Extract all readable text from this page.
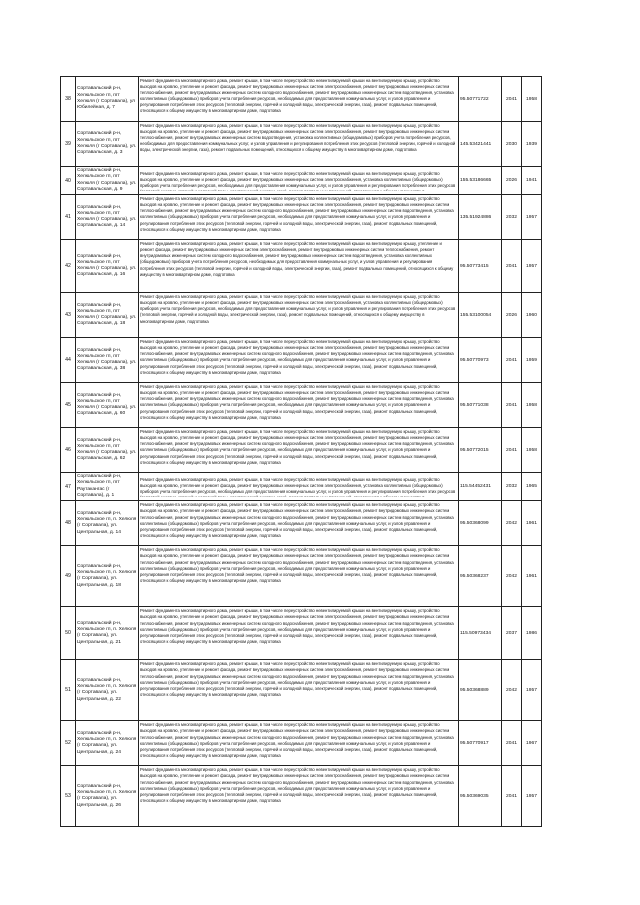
38	Сортавальский р-н, Хелюльское гп, пгт Хелюля (г Сортавала), ул Юбилейная, д. 7	Ремонт фундамента многоквартирного дома, ремонт крыши, в том числе переустройство невентилируемой крыши на вентилируемую крышу, устройство выходов на кровлю, утепление и ремонт фасада, ремонт внутридомовых инженерных систем электроснабжения, ремонт внутридомовых инженерных систем теплоснабжения, ремонт внутридомовых инженерных систем холодного водоснабжения, ремонт внутридомовых инженерных систем водоотведения, установка коллективных (общедомовых) приборов учета потребления ресурсов, необходимых для предоставления коммунальных услуг, и узлов управления и регулирования потребления этих ресурсов (тепловой энергии, горячей и холодной воды, электрической энергии, газа), ремонт подвальных помещений, относящихся к общему имуществу в многоквартирном доме, подготовка	95.50771722	2041	1958
39	Сортавальский р-н, Хелюльское гп, пгт Хелюля (г Сортавала), ул. Сортавальская, д. 3	Ремонт фундамента многоквартирного дома, ремонт крыши, в том числе переустройство невентилируемой крыши на вентилируемую крышу, устройство выходов на кровлю, утепление и ремонт фасада, ремонт внутридомовых инженерных систем электроснабжения, ремонт внутридомовых инженерных систем теплоснабжения, ремонт внутридомовых инженерных систем водоотведения, установка коллективных (общедомовых) приборов учета потребления ресурсов, необходимых для предоставления коммунальных услуг, и узлов управления и регулирования потребления этих ресурсов (тепловой энергии, горячей и холодной воды, электрической энергии, газа), ремонт подвальных помещений, относящихся к общему имуществу в многоквартирном доме, подготовка	145.53421441	2030	1939
40	Сортавальский р-н, Хелюльское гп, пгт Хелюля (г Сортавала), ул. Сортавальская, д. 9	Ремонт фундамента многоквартирного дома, ремонт крыши, в том числе переустройство невентилируемой крыши на вентилируемую крышу, устройство выходов на кровлю, утепление и ремонт фасада, ремонт внутридомовых инженерных систем электроснабжения, установка коллективных (общедомовых) приборов учета потребления ресурсов, необходимых для предоставления коммунальных услуг, и узлов управления и регулирования потребления этих ресурсов	155.53186665	2026	1941
41	Сортавальский р-н, Хелюльское гп, пгт Хелюля (г Сортавала), ул. Сортавальская, д. 14	Ремонт фундамента многоквартирного дома, ремонт крыши, в том числе переустройство невентилируемой крыши на вентилируемую крышу, устройство выходов на кровлю, утепление и ремонт фасада, ремонт внутридомовых инженерных систем электроснабжения, ремонт внутридомовых инженерных систем теплоснабжения, ремонт внутридомовых инженерных систем холодного водоснабжения, ремонт внутридомовых инженерных систем водоотведения, установка коллективных (общедомовых) приборов учета потребления ресурсов, необходимых для предоставления коммунальных услуг, и узлов управления и регулирования потребления этих ресурсов (тепловой энергии, горячей и холодной воды, электрической энергии, газа), ремонт подвальных помещений, относящихся к общему имуществу в многоквартирном доме, подготовка	135.51924886	2032	1957
42	Сортавальский р-н, Хелюльское гп, пгт Хелюля (г Сортавала), ул. Сортавальская, д. 16	Ремонт фундамента многоквартирного дома, ремонт крыши, в том числе переустройство невентилируемой крыши на вентилируемую крышу, утепление и ремонт фасада, ремонт внутридомовых инженерных систем электроснабжения, ремонт внутридомовых инженерных систем теплоснабжения, ремонт внутридомовых инженерных систем холодного водоснабжения, ремонт внутридомовых инженерных систем водоотведения, установка коллективных (общедомовых) приборов учета потребления ресурсов, необходимых для предоставления коммунальных услуг, и узлов управления и регулирования потребления этих ресурсов (тепловой энергии, горячей и холодной воды, электрической энергии, газа), ремонт подвальных помещений, относящихся к общему имуществу в многоквартирном доме, подготовка	95.50773415	2041	1957
43	Сортавальский р-н, Хелюльское гп, пгт Хелюля (г Сортавала), ул. Сортавальская, д. 18	Ремонт фундамента многоквартирного дома, ремонт крыши, в том числе переустройство невентилируемой крыши на вентилируемую крышу, устройство выходов на кровлю, утепление и ремонт фасада, ремонт внутридомовых инженерных систем электроснабжения, установка коллективных (общедомовых) приборов учета потребления ресурсов, необходимых для предоставления коммунальных услуг, и узлов управления и регулирования потребления этих ресурсов (тепловой энергии, горячей и холодной воды, электрической энергии, газа), ремонт подвальных помещений, относящихся к общему имуществу в многоквартирном доме, подготовка	155.53100054	2026	1960
44	Сортавальский р-н, Хелюльское гп, пгт Хелюля (г Сортавала), ул. Сортавальская, д. 38	Ремонт фундамента многоквартирного дома, ремонт крыши, в том числе переустройство невентилируемой крыши на вентилируемую крышу, устройство выходов на кровлю, утепление и ремонт фасада, ремонт внутридомовых инженерных систем электроснабжения, ремонт внутридомовых инженерных систем теплоснабжения, ремонт внутридомовых инженерных систем холодного водоснабжения, ремонт внутридомовых инженерных систем водоотведения, установка коллективных (общедомовых) приборов учета потребления ресурсов, необходимых для предоставления коммунальных услуг, и узлов управления и регулирования потребления этих ресурсов (тепловой энергии, горячей и холодной воды, электрической энергии, газа), ремонт подвальных помещений, относящихся к общему имуществу в многоквартирном доме, подготовка	95.50770973	2041	1959
45	Сортавальский р-н, Хелюльское гп, пгт Хелюля (г Сортавала), ул. Сортавальская, д. 60	Ремонт фундамента многоквартирного дома, ремонт крыши, в том числе переустройство невентилируемой крыши на вентилируемую крышу, устройство выходов на кровлю, утепление и ремонт фасада, ремонт внутридомовых инженерных систем электроснабжения, ремонт внутридомовых инженерных систем теплоснабжения, ремонт внутридомовых инженерных систем холодного водоснабжения, ремонт внутридомовых инженерных систем водоотведения, установка коллективных (общедомовых) приборов учета потребления ресурсов, необходимых для предоставления коммунальных услуг, и узлов управления и регулирования потребления этих ресурсов (тепловой энергии, горячей и холодной воды, электрической энергии, газа), ремонт подвальных помещений, относящихся к общему имуществу в многоквартирном доме, подготовка	95.50771038	2041	1958
46	Сортавальский р-н, Хелюльское гп, пгт Хелюля (г Сортавала), ул. Сортавальская, д. 62	Ремонт фундамента многоквартирного дома, ремонт крыши, в том числе переустройство невентилируемой крыши на вентилируемую крышу, устройство выходов на кровлю, утепление и ремонт фасада, ремонт внутридомовых инженерных систем электроснабжения, ремонт внутридомовых инженерных систем теплоснабжения, ремонт внутридомовых инженерных систем холодного водоснабжения, ремонт внутридомовых инженерных систем водоотведения, установка коллективных (общедомовых) приборов учета потребления ресурсов, необходимых для предоставления коммунальных услуг, и узлов управления и регулирования потребления этих ресурсов (тепловой энергии, горячей и холодной воды, электрической энергии, газа), ремонт подвальных помещений, относящихся к общему имуществу в многоквартирном доме, подготовка	95.50772015	2041	1958
47	Сортавальский р-н, Хелюльское гп, пгт Раутакангас (г Сортавала), д. 1	Ремонт фундамента многоквартирного дома, ремонт крыши, в том числе переустройство невентилируемой крыши на вентилируемую крышу, устройство выходов на кровлю, утепление и ремонт фасада, ремонт внутридомовых инженерных систем электроснабжения, установка коллективных (общедомовых) приборов учета потребления ресурсов, необходимых для предоставления коммунальных услуг, и узлов управления и регулирования потребления этих ресурсов	115.54452431	2032	1965
48	Сортавальский р-н, Хелюльское гп, п. Хелюля (г Сортавала), ул. Центральная, д. 14	Ремонт фундамента многоквартирного дома, ремонт крыши, в том числе переустройство невентилируемой крыши на вентилируемую крышу, устройство выходов на кровлю, утепление и ремонт фасада, ремонт внутридомовых инженерных систем электроснабжения, ремонт внутридомовых инженерных систем теплоснабжения, ремонт внутридомовых инженерных систем холодного водоснабжения, ремонт внутридомовых инженерных систем водоотведения, установка коллективных (общедомовых) приборов учета потребления ресурсов, необходимых для предоставления коммунальных услуг, и узлов управления и регулирования потребления этих ресурсов (тепловой энергии, горячей и холодной воды, электрической энергии, газа), ремонт подвальных помещений, относящихся к общему имуществу в многоквартирном доме, подготовка	95.50368099	2042	1961
49	Сортавальский р-н, Хелюльское гп, п. Хелюля (г Сортавала), ул. Центральная, д. 18	Ремонт фундамента многоквартирного дома, ремонт крыши, в том числе переустройство невентилируемой крыши на вентилируемую крышу, устройство выходов на кровлю, утепление и ремонт фасада, ремонт внутридомовых инженерных систем электроснабжения, ремонт внутридомовых инженерных систем теплоснабжения, ремонт внутридомовых инженерных систем холодного водоснабжения, ремонт внутридомовых инженерных систем водоотведения, установка коллективных (общедомовых) приборов учета потребления ресурсов, необходимых для предоставления коммунальных услуг, и узлов управления и регулирования потребления этих ресурсов (тепловой энергии, горячей и холодной воды, электрической энергии, газа), ремонт подвальных помещений, относящихся к общему имуществу в многоквартирном доме, подготовка	95.50368237	2042	1961
50	Сортавальский р-н, Хелюльское гп, п. Хелюля (г Сортавала), ул. Центральная, д. 21	Ремонт фундамента многоквартирного дома, ремонт крыши, в том числе переустройство невентилируемой крыши на вентилируемую крышу, устройство выходов на кровлю, утепление и ремонт фасада, ремонт внутридомовых инженерных систем электроснабжения, ремонт внутридомовых инженерных систем теплоснабжения, ремонт внутридомовых инженерных систем холодного водоснабжения, ремонт внутридомовых инженерных систем водоотведения, установка коллективных (общедомовых) приборов учета потребления ресурсов, необходимых для предоставления коммунальных услуг, и узлов управления и регулирования потребления этих ресурсов (тепловой энергии, горячей и холодной воды, электрической энергии, газа), ремонт подвальных помещений, относящихся к общему имуществу в многоквартирном доме, подготовка	115.50973434	2037	1986
51	Сортавальский р-н, Хелюльское гп, п. Хелюля (г Сортавала), ул. Центральная, д. 22	Ремонт фундамента многоквартирного дома, ремонт крыши, в том числе переустройство невентилируемой крыши на вентилируемую крышу, устройство выходов на кровлю, утепление и ремонт фасада, ремонт внутридомовых инженерных систем электроснабжения, ремонт внутридомовых инженерных систем теплоснабжения, ремонт внутридомовых инженерных систем холодного водоснабжения, ремонт внутридомовых инженерных систем водоотведения, установка коллективных (общедомовых) приборов учета потребления ресурсов, необходимых для предоставления коммунальных услуг, и узлов управления и регулирования потребления этих ресурсов (тепловой энергии, горячей и холодной воды, электрической энергии, газа), ремонт подвальных помещений, относящихся к общему имуществу в многоквартирном доме, подготовка	95.50368889	2042	1957
52	Сортавальский р-н, Хелюльское гп, п. Хелюля (г Сортавала), ул. Центральная, д. 24	Ремонт фундамента многоквартирного дома, ремонт крыши, в том числе переустройство невентилируемой крыши на вентилируемую крышу, устройство выходов на кровлю, утепление и ремонт фасада, ремонт внутридомовых инженерных систем электроснабжения, ремонт внутридомовых инженерных систем теплоснабжения, ремонт внутридомовых инженерных систем холодного водоснабжения, ремонт внутридомовых инженерных систем водоотведения, установка коллективных (общедомовых) приборов учета потребления ресурсов, необходимых для предоставления коммунальных услуг, и узлов управления и регулирования потребления этих ресурсов (тепловой энергии, горячей и холодной воды, электрической энергии, газа), ремонт подвальных помещений, относящихся к общему имуществу в многоквартирном доме, подготовка	95.50770917	2041	1967
53	Сортавальский р-н, Хелюльское гп, п. Хелюля (г Сортавала), ул. Центральная, д. 26	Ремонт фундамента многоквартирного дома, ремонт крыши, в том числе переустройство невентилируемой крыши на вентилируемую крышу, устройство выходов на кровлю, утепление и ремонт фасада, ремонт внутридомовых инженерных систем электроснабжения, ремонт внутридомовых инженерных систем теплоснабжения, ремонт внутридомовых инженерных систем холодного водоснабжения, ремонт внутридомовых инженерных систем водоотведения, установка коллективных (общедомовых) приборов учета потребления ресурсов, необходимых для предоставления коммунальных услуг, и узлов управления и регулирования потребления этих ресурсов (тепловой энергии, горячей и холодной воды, электрической энергии, газа), ремонт подвальных помещений, относящихся к общему имуществу в многоквартирном доме, подготовка	95.50369035	2041	1957
